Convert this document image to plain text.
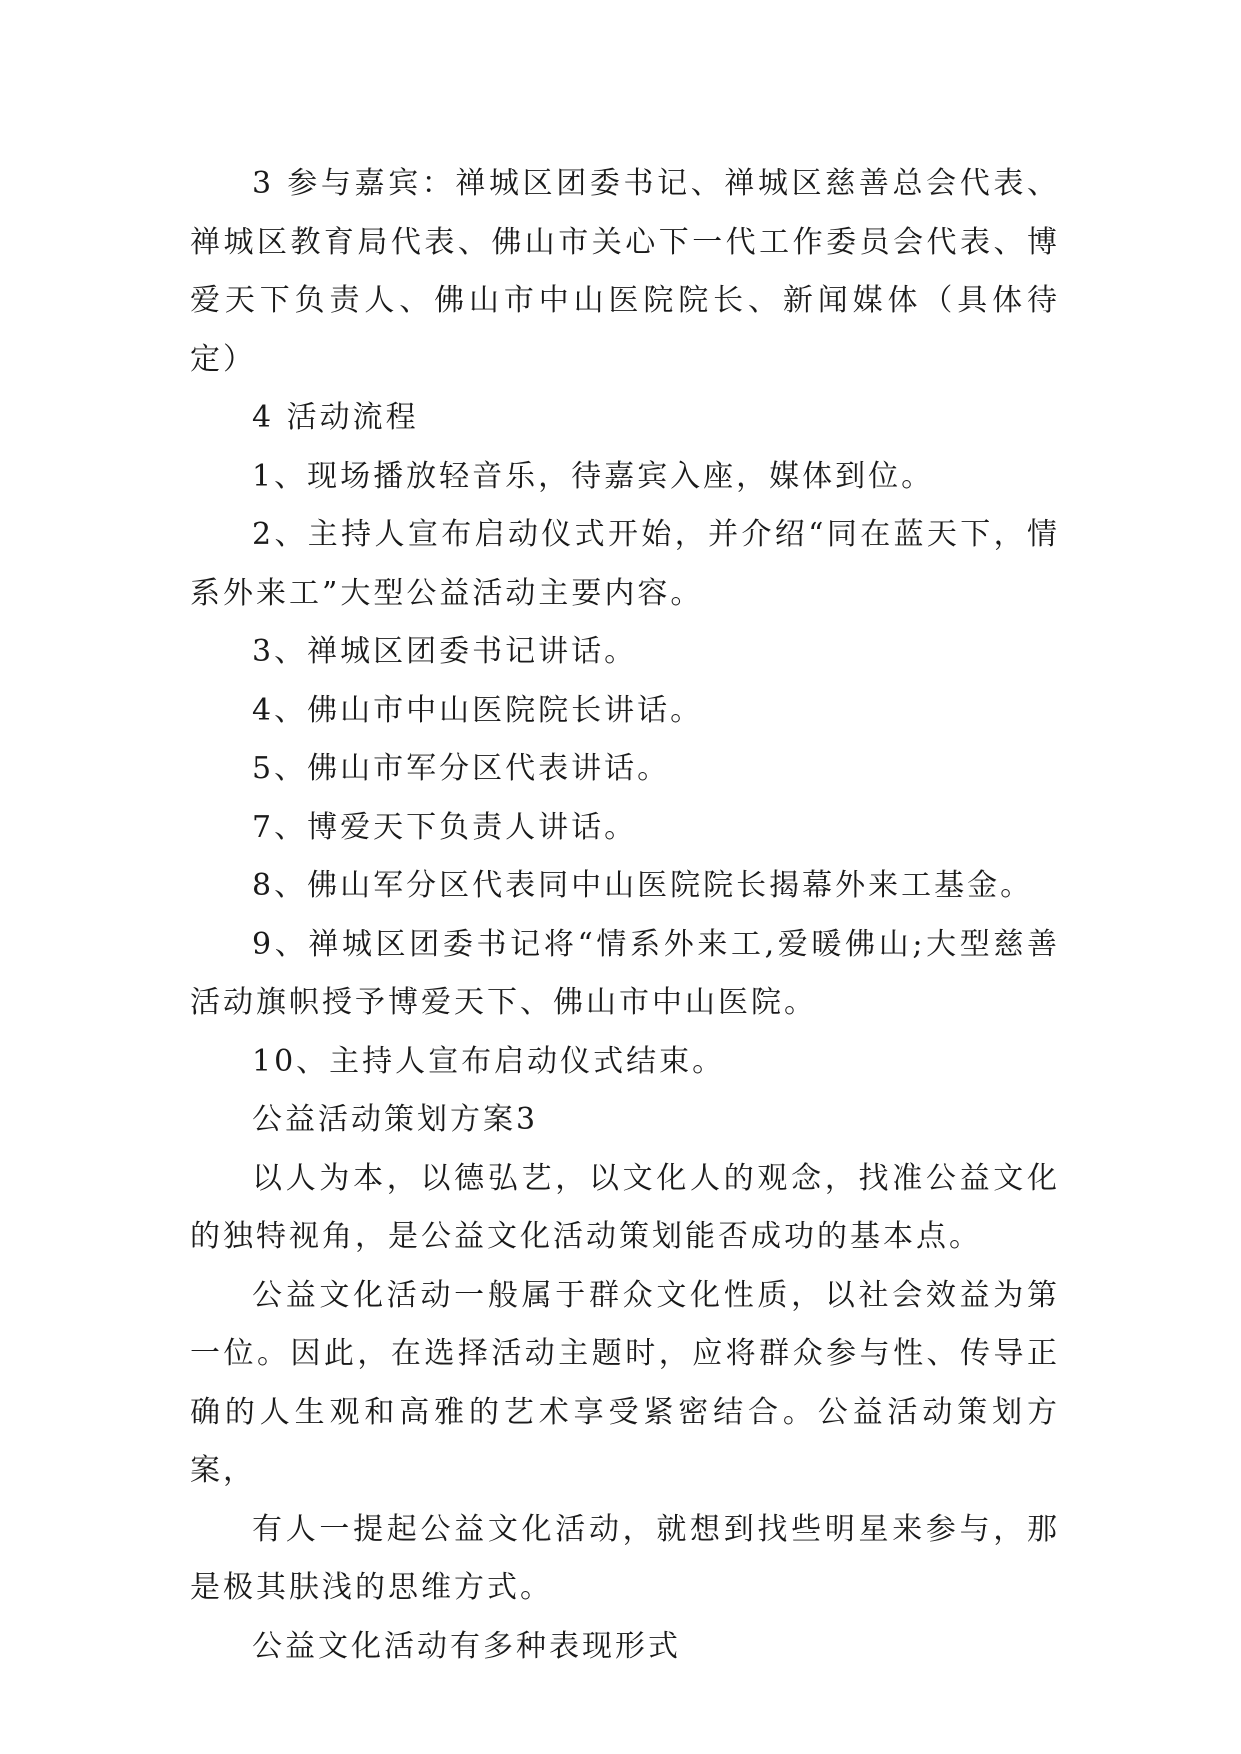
3 参与嘉宾：禅城区团委书记、禅城区慈善总会代表、禅城区教育局代表、佛山市关心下一代工作委员会代表、博爱天下负责人、佛山市中山医院院长、新闻媒体（具体待定）

4 活动流程

1、现场播放轻音乐，待嘉宾入座，媒体到位。

2、主持人宣布启动仪式开始，并介绍“同在蓝天下，情系外来工”大型公益活动主要内容。

3、禅城区团委书记讲话。

4、佛山市中山医院院长讲话。

5、佛山市军分区代表讲话。

7、博爱天下负责人讲话。

8、佛山军分区代表同中山医院院长揭幕外来工基金。

9、禅城区团委书记将“情系外来工,爱暖佛山;大型慈善活动旗帜授予博爱天下、佛山市中山医院。

10、主持人宣布启动仪式结束。

公益活动策划方案3

以人为本，以德弘艺，以文化人的观念，找准公益文化的独特视角，是公益文化活动策划能否成功的基本点。

公益文化活动一般属于群众文化性质，以社会效益为第一位。因此，在选择活动主题时，应将群众参与性、传导正确的人生观和高雅的艺术享受紧密结合。公益活动策划方案，

有人一提起公益文化活动，就想到找些明星来参与，那是极其肤浅的思维方式。

公益文化活动有多种表现形式
